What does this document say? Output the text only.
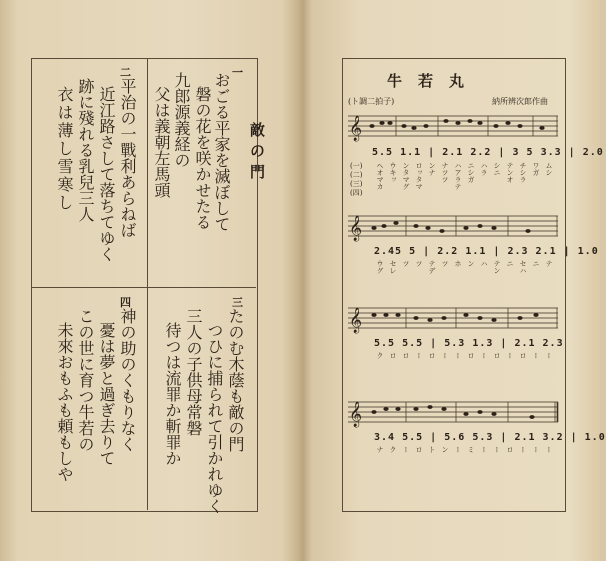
一
二
三
四
敵の門
おごる平家を滅ぼして
磐の花を咲かせたる
九郎源義経の
父は義朝左馬頭
平治の一戰利あらねば
近江路さして落ちてゆく
跡に殘れる乳兒三人
衣は薄し雪寒し
たのむ木蔭も敵の門
つひに捕られて引かれゆく
三人の子供母常磐
待つは流罪か斬罪か
神の助のくもりなく
憂は夢と過ぎ去りて
この世に育つ牛若の
未來おもふも頼もしや
牛若丸
(ト調二拍子)	納所辨次郎作曲
𝄞
5.5  1.1 | 2.1  2.2 | 3  5  3.3 | 2.0
(一)
(二)
(三)
(四)
ヘオマカ ウキッ ンタマグ ロッタマ ンナ ナツツ ハアラテ ニシガ ハラ シニ テンオ チシラ ワガ ムシ
𝄞
2.45  5 | 2.2  1.1 | 2.3  2.1 | 1.0
ウグ セレ ツ ツ テデ ツ ホ ン ハ テン ニ セハ ニ テ
𝄞
5.5  5.5 | 5.3  1.3 | 2.1  2.3
ク ロ ロ ー ロ ー ー ロ ー ロ ー ロ ー ー
𝄞
3.4  5.5 | 5.6  5.3 | 2.1  3.2 | 1.0
ナ ク ー ロ ト ン ー ミ ー ー ロ ー ー ー
